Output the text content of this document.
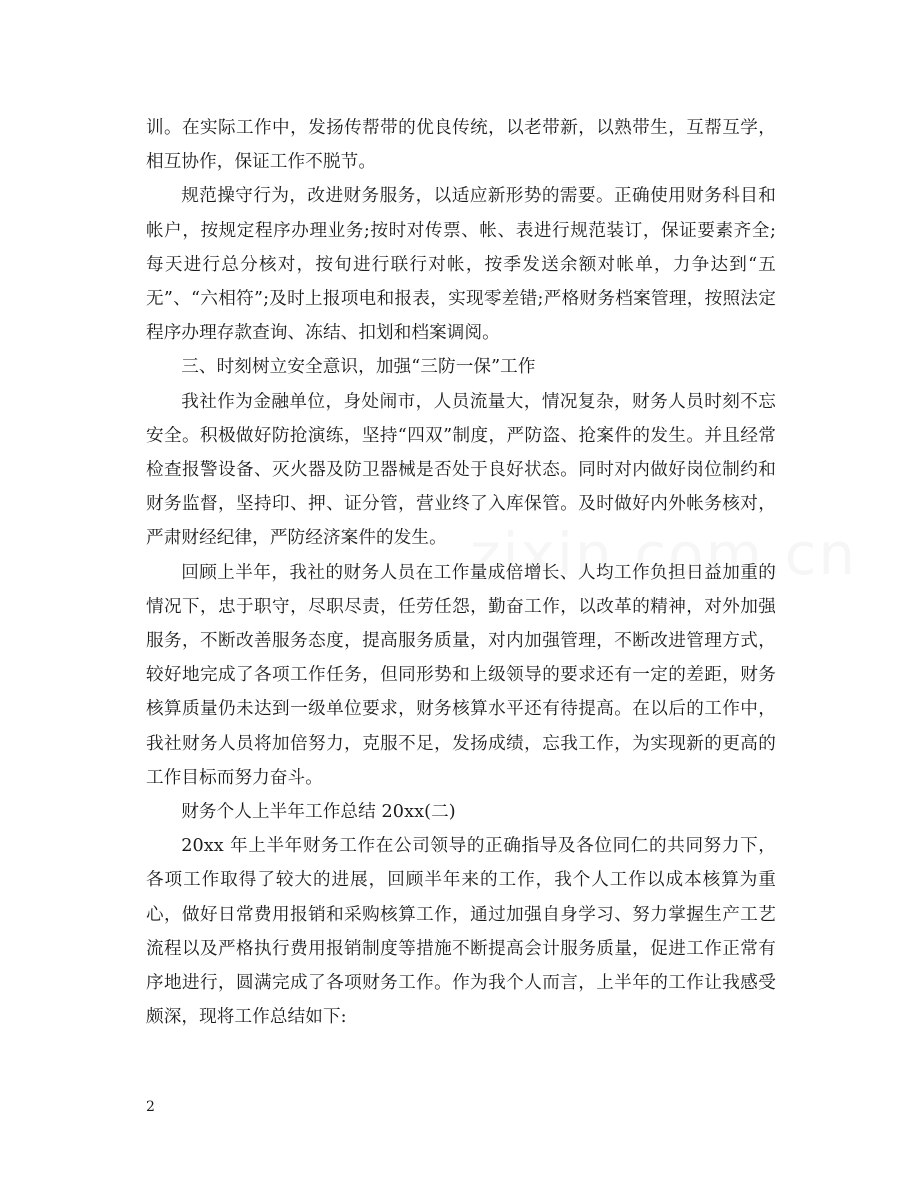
训。在实际工作中，发扬传帮带的优良传统，以老带新，以熟带生，互帮互学，相互协作，保证工作不脱节。

规范操守行为，改进财务服务，以适应新形势的需要。正确使用财务科目和帐户，按规定程序办理业务;按时对传票、帐、表进行规范装订，保证要素齐全;每天进行总分核对，按旬进行联行对帐，按季发送余额对帐单，力争达到“五无”、“六相符”;及时上报项电和报表，实现零差错;严格财务档案管理，按照法定程序办理存款查询、冻结、扣划和档案调阅。

三、时刻树立安全意识，加强“三防一保”工作

我社作为金融单位，身处闹市，人员流量大，情况复杂，财务人员时刻不忘安全。积极做好防抢演练，坚持“四双”制度，严防盗、抢案件的发生。并且经常检查报警设备、灭火器及防卫器械是否处于良好状态。同时对内做好岗位制约和财务监督，坚持印、押、证分管，营业终了入库保管。及时做好内外帐务核对，严肃财经纪律，严防经济案件的发生。

回顾上半年，我社的财务人员在工作量成倍增长、人均工作负担日益加重的情况下，忠于职守，尽职尽责，任劳任怨，勤奋工作，以改革的精神，对外加强服务，不断改善服务态度，提高服务质量，对内加强管理，不断改进管理方式，较好地完成了各项工作任务，但同形势和上级领导的要求还有一定的差距，财务核算质量仍未达到一级单位要求，财务核算水平还有待提高。在以后的工作中，我社财务人员将加倍努力，克服不足，发扬成绩，忘我工作，为实现新的更高的工作目标而努力奋斗。

财务个人上半年工作总结 20xx(二)

20xx 年上半年财务工作在公司领导的正确指导及各位同仁的共同努力下，各项工作取得了较大的进展，回顾半年来的工作，我个人工作以成本核算为重心，做好日常费用报销和采购核算工作，通过加强自身学习、努力掌握生产工艺流程以及严格执行费用报销制度等措施不断提高会计服务质量，促进工作正常有序地进行，圆满完成了各项财务工作。作为我个人而言，上半年的工作让我感受颇深，现将工作总结如下:

2
